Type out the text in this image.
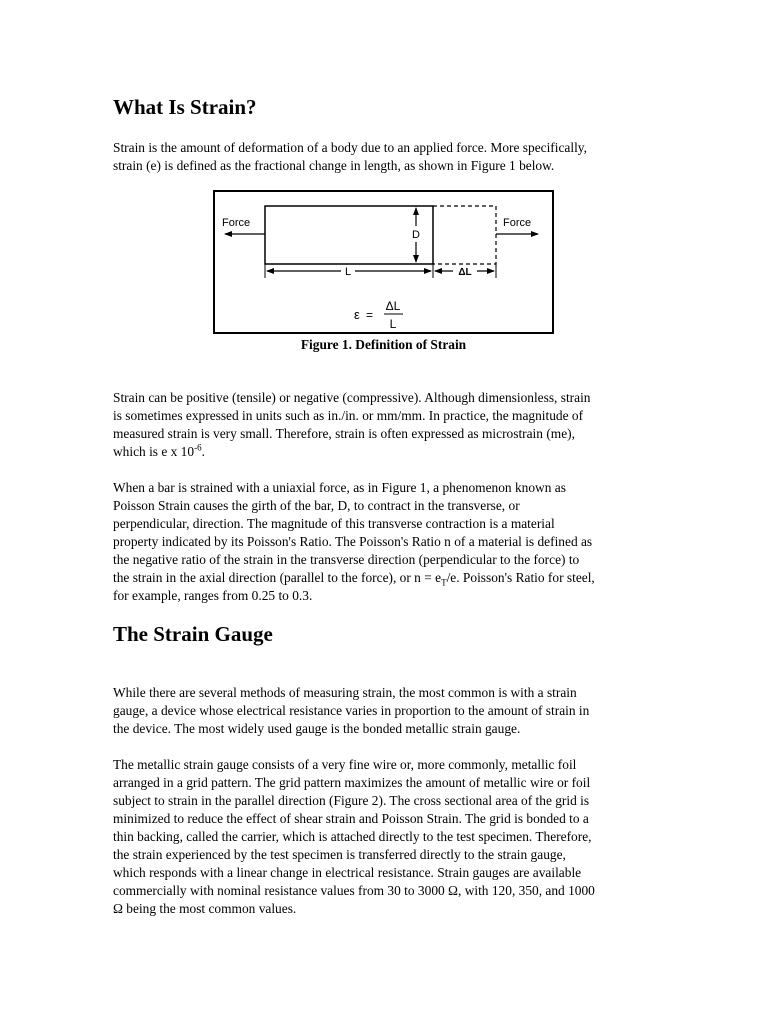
What Is Strain?
Strain is the amount of deformation of a body due to an applied force. More specifically,
strain (e) is defined as the fractional change in length, as shown in Figure 1 below.
Strain can be positive (tensile) or negative (compressive). Although dimensionless, strain
is sometimes expressed in units such as in./in. or mm/mm. In practice, the magnitude of
measured strain is very small. Therefore, strain is often expressed as microstrain (me),
which is e x $10^{-6}$.
When a bar is strained with a uniaxial force, as in Figure 1, a phenomenon known as
Poisson Strain causes the girth of the bar, D, to contract in the transverse, or
perpendicular, direction. The magnitude of this transverse contraction is a material
property indicated by its Poisson's Ratio. The Poisson's Ratio n of a material is defined as
the negative ratio of the strain in the transverse direction (perpendicular to the force) to
the strain in the axial direction (parallel to the force), or $n = e_T/e$. Poisson's Ratio for steel,
for example, ranges from 0.25 to 0.3.
The Strain Gauge
While there are several methods of measuring strain, the most common is with a strain
gauge, a device whose electrical resistance varies in proportion to the amount of strain in
the device. The most widely used gauge is the bonded metallic strain gauge.
The metallic strain gauge consists of a very fine wire or, more commonly, metallic foil
arranged in a grid pattern. The grid pattern maximizes the amount of metallic wire or foil
subject to strain in the parallel direction (Figure 2). The cross sectional area of the grid is
minimized to reduce the effect of shear strain and Poisson Strain. The grid is bonded to a
thin backing, called the carrier, which is attached directly to the test specimen. Therefore,
the strain experienced by the test specimen is transferred directly to the strain gauge,
which responds with a linear change in electrical resistance. Strain gauges are available
commercially with nominal resistance values from 30 to 3000 Ω, with 120, 350, and 1000
Ω being the most common values.
Force	Force
D
L	ΔL
ε =
ΔL
L
Figure 1. Definition of Strain
